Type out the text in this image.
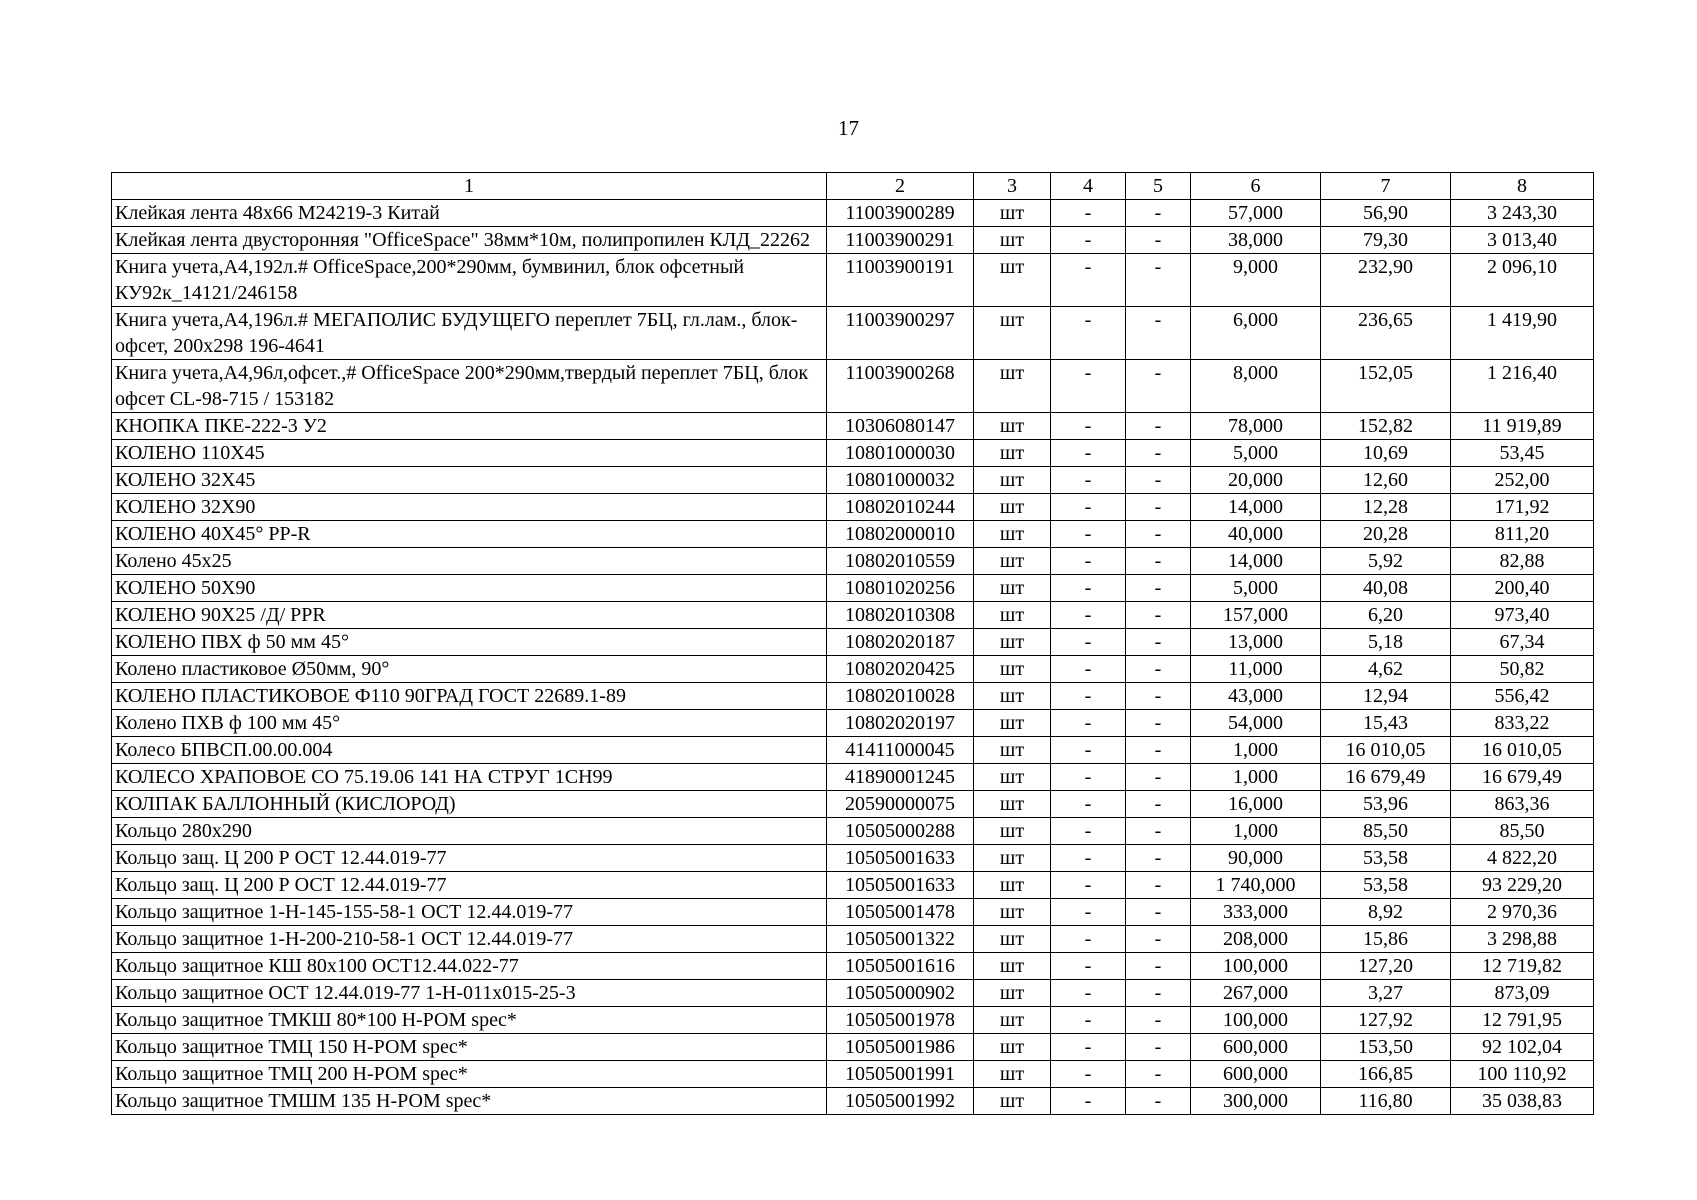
17
1	2	3	4	5	6	7	8
Клейкая лента 48х66 M24219-3 Китай	11003900289	шт	-	-	57,000	56,90	3 243,30
Клейкая лента двусторонняя "OfficeSpace" 38мм*10м, полипропилен КЛД_22262	11003900291	шт	-	-	38,000	79,30	3 013,40
Книга учета,А4,192л.# OfficeSpace,200*290мм, бумвинил, блок офсетный КУ92к_14121/246158	11003900191	шт	-	-	9,000	232,90	2 096,10
Книга учета,А4,196л.# МЕГАПОЛИС БУДУЩЕГО переплет 7БЦ, гл.лам., блок-офсет, 200х298 196-4641	11003900297	шт	-	-	6,000	236,65	1 419,90
Книга учета,А4,96л,офсет.,# OfficeSpace 200*290мм,твердый переплет 7БЦ, блок офсет CL-98-715 / 153182	11003900268	шт	-	-	8,000	152,05	1 216,40
КНОПКА ПКЕ-222-3 У2	10306080147	шт	-	-	78,000	152,82	11 919,89
КОЛЕНО 110Х45	10801000030	шт	-	-	5,000	10,69	53,45
КОЛЕНО 32Х45	10801000032	шт	-	-	20,000	12,60	252,00
КОЛЕНО 32Х90	10802010244	шт	-	-	14,000	12,28	171,92
КОЛЕНО 40Х45° PP-R	10802000010	шт	-	-	40,000	20,28	811,20
Колено 45х25	10802010559	шт	-	-	14,000	5,92	82,88
КОЛЕНО 50Х90	10801020256	шт	-	-	5,000	40,08	200,40
КОЛЕНО 90Х25 /Д/ PPR	10802010308	шт	-	-	157,000	6,20	973,40
КОЛЕНО ПВХ ф 50 мм 45°	10802020187	шт	-	-	13,000	5,18	67,34
Колено пластиковое Ø50мм, 90°	10802020425	шт	-	-	11,000	4,62	50,82
КОЛЕНО ПЛАСТИКОВОЕ Ф110 90ГРАД ГОСТ 22689.1-89	10802010028	шт	-	-	43,000	12,94	556,42
Колено ПХВ ф 100 мм 45°	10802020197	шт	-	-	54,000	15,43	833,22
Колесо БПВСП.00.00.004	41411000045	шт	-	-	1,000	16 010,05	16 010,05
КОЛЕСО ХРАПОВОЕ СО 75.19.06 141 НА СТРУГ 1СН99	41890001245	шт	-	-	1,000	16 679,49	16 679,49
КОЛПАК БАЛЛОННЫЙ (КИСЛОРОД)	20590000075	шт	-	-	16,000	53,96	863,36
Кольцо 280х290	10505000288	шт	-	-	1,000	85,50	85,50
Кольцо защ. Ц 200 Р ОСТ 12.44.019-77	10505001633	шт	-	-	90,000	53,58	4 822,20
Кольцо защ. Ц 200 Р ОСТ 12.44.019-77	10505001633	шт	-	-	1 740,000	53,58	93 229,20
Кольцо защитное 1-Н-145-155-58-1 ОСТ 12.44.019-77	10505001478	шт	-	-	333,000	8,92	2 970,36
Кольцо защитное 1-Н-200-210-58-1 ОСТ 12.44.019-77	10505001322	шт	-	-	208,000	15,86	3 298,88
Кольцо защитное КШ 80х100 ОСТ12.44.022-77	10505001616	шт	-	-	100,000	127,20	12 719,82
Кольцо защитное ОСТ 12.44.019-77 1-Н-011х015-25-3	10505000902	шт	-	-	267,000	3,27	873,09
Кольцо защитное ТМКШ 80*100 Н-РОМ spec*	10505001978	шт	-	-	100,000	127,92	12 791,95
Кольцо защитное ТМЦ 150 Н-РОМ spec*	10505001986	шт	-	-	600,000	153,50	92 102,04
Кольцо защитное ТМЦ 200 Н-РОМ spec*	10505001991	шт	-	-	600,000	166,85	100 110,92
Кольцо защитное ТМШМ 135 Н-РОМ spec*	10505001992	шт	-	-	300,000	116,80	35 038,83
